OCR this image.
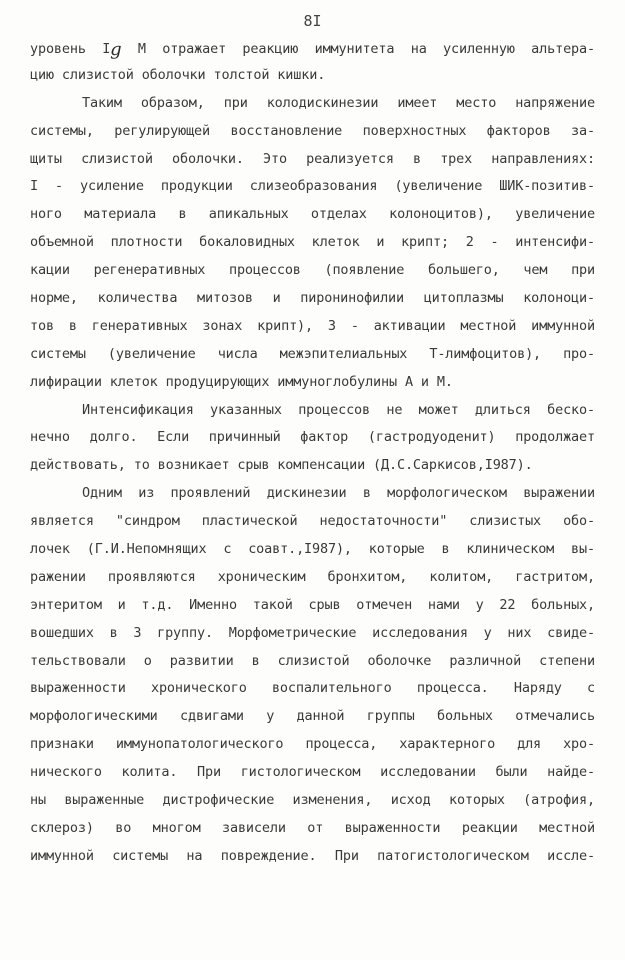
8I
уровень Ig М отражает реакцию иммунитета на усиленную альтера-
цию слизистой оболочки толстой кишки.
Таким образом, при колодискинезии имеет место напряжение
системы, регулирующей восстановление поверхностных факторов за-
щиты слизистой оболочки. Это реализуется в трех направлениях:
I - усиление продукции слизеобразования (увеличение ШИК-позитив-
ного материала в апикальных отделах колоноцитов), увеличение
объемной плотности бокаловидных клеток и крипт; 2 - интенсифи-
кации регенеративных процессов (появление большего, чем при
норме, количества митозов и пиронинофилии цитоплазмы колоноци-
тов в генеративных зонах крипт), 3 - активации местной иммунной
системы (увеличение числа межэпителиальных Т-лимфоцитов), про-
лифирации клеток продуцирующих иммуноглобулины А и М.
Интенсификация указанных процессов не может длиться беско-
нечно долго. Если причинный фактор (гастродуоденит) продолжает
действовать, то возникает срыв компенсации (Д.С.Саркисов,I987).
Одним из проявлений дискинезии в морфологическом выражении
является "синдром пластической недостаточности" слизистых обо-
лочек (Г.И.Непомнящих с соавт.,I987), которые в клиническом вы-
ражении проявляются хроническим бронхитом, колитом, гастритом,
энтеритом и т.д. Именно такой срыв отмечен нами у 22 больных,
вошедших в 3 группу. Морфометрические исследования у них свиде-
тельствовали о развитии в слизистой оболочке различной степени
выраженности хронического воспалительного процесса. Наряду с
морфологическими сдвигами у данной группы больных отмечались
признаки иммунопатологического процесса, характерного для хро-
нического колита. При гистологическом исследовании были найде-
ны выраженные дистрофические изменения, исход которых (атрофия,
склероз) во многом зависели от выраженности реакции местной
иммунной системы на повреждение. При патогистологическом иссле-
